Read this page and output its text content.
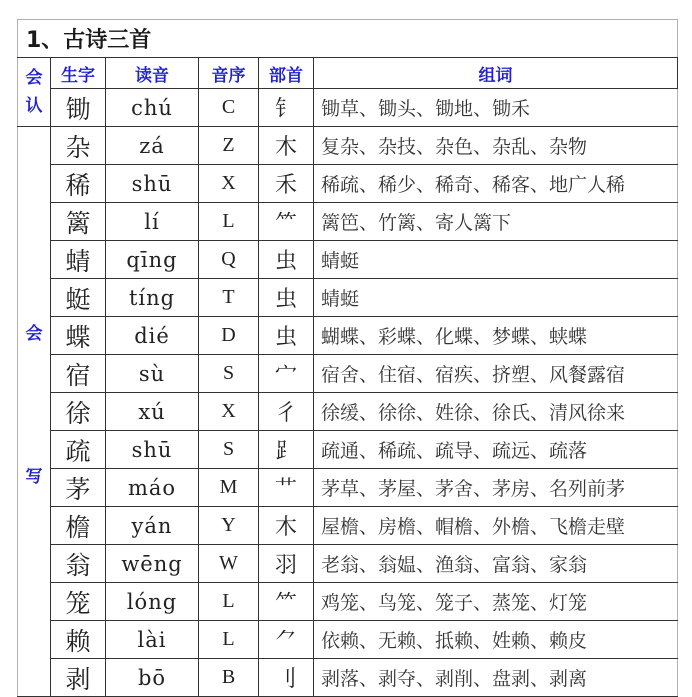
1、古诗三首					
会
认	生字	读音	音序	部首	组词
	锄	chú	C	钅	锄草、锄头、锄地、锄禾

会
写	杂	zá	Z	木	复杂、杂技、杂色、杂乱、杂物
	稀	shū	X	禾	稀疏、稀少、稀奇、稀客、地广人稀
	篱	lí	L	⺮	篱笆、竹篱、寄人篱下
	蜻	qīng	Q	虫	蜻蜓
	蜓	tíng	T	虫	蜻蜓
	蝶	dié	D	虫	蝴蝶、彩蝶、化蝶、梦蝶、蛱蝶
	宿	sù	S	宀	宿舍、住宿、宿疾、挤塑、风餐露宿
	徐	xú	X	彳	徐缓、徐徐、姓徐、徐氏、清风徐来
	疏	shū	S	⻊	疏通、稀疏、疏导、疏远、疏落
	茅	máo	M	艹	茅草、茅屋、茅舍、茅房、名列前茅
	檐	yán	Y	木	屋檐、房檐、帽檐、外檐、飞檐走壁
	翁	wēng	W	羽	老翁、翁媪、渔翁、富翁、家翁
	笼	lóng	L	⺮	鸡笼、鸟笼、笼子、蒸笼、灯笼
	赖	lài	L	⺈	依赖、无赖、抵赖、姓赖、赖皮
	剥	bō	B	刂	剥落、剥夺、剥削、盘剥、剥离
